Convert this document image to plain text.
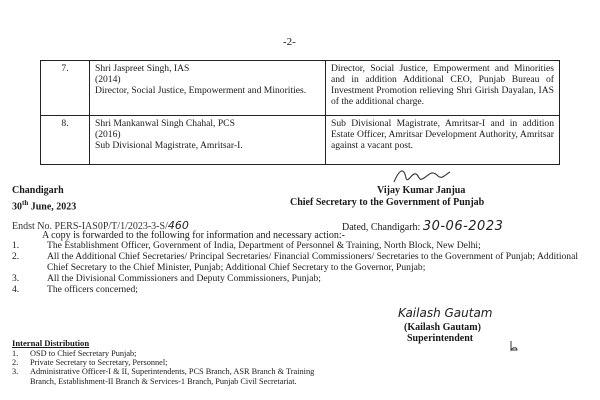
-2-
7.	Shri Jaspreet Singh, IAS
(2014)
Director, Social Justice, Empowerment and Minorities.	Director, Social Justice, Empowerment and Minorities and in addition Additional CEO, Punjab Bureau of Investment Promotion relieving Shri Girish Dayalan, IAS of the additional charge.
8.	Shri Mankanwal Singh Chahal, PCS
(2016)
Sub Divisional Magistrate, Amritsar-I.	Sub Divisional Magistrate, Amritsar-I and in addition Estate Officer, Amritsar Development Authority, Amritsar against a vacant post.
Chandigarh
30th June, 2023
Vijay Kumar Janjua
Chief Secretary to the Government of Punjab
Endst No. PERS-IAS0P/T/1/2023-3-S/460	Dated, Chandigarh: 30-06-2023
A copy is forwarded to the following for information and necessary action:-
1.	The Establishment Officer, Government of India, Department of Personnel & Training, North Block, New Delhi;
2.	All the Additional Chief Secretaries/ Principal Secretaries/ Financial Commissioners/ Secretaries to the Government of Punjab; Additional Chief Secretary to the Chief Minister, Punjab; Additional Chief Secretary to the Governor, Punjab;
3.	All the Divisional Commissioners and Deputy Commissioners, Punjab;
4.	The officers concerned;
Kailash Gautam
(Kailash Gautam)
Superintendent
Internal Distribution
1. OSD to Chief Secretary Punjab;
2. Private Secretary to Secretary, Personnel;
3. Administrative Officer-I & II, Superintendents, PCS Branch, ASR Branch & Training Branch, Establishment-II Branch & Services-1 Branch, Punjab Civil Secretariat.
